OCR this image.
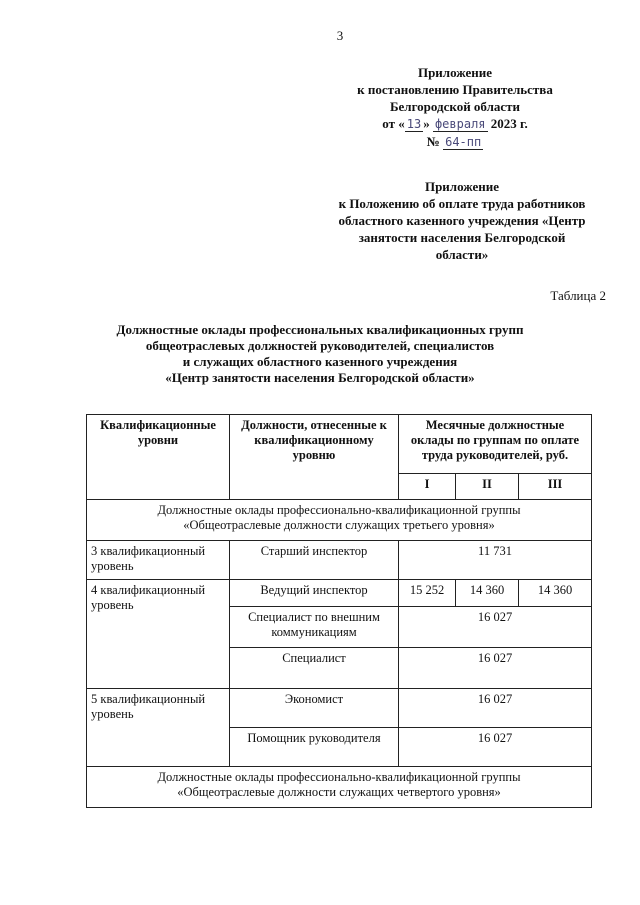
3
Приложение
к постановлению Правительства
Белгородской области
от « 13 » февраля 2023 г.
№ 64-пп
Приложение
к Положению об оплате труда работников
областного казенного учреждения «Центр
занятости населения Белгородской
области»
Таблица 2
Должностные оклады профессиональных квалификационных групп
общеотраслевых должностей руководителей, специалистов
и служащих областного казенного учреждения
«Центр занятости населения Белгородской области»
Квалификационные уровни	Должности, отнесенные к квалификационному уровню	Месячные должностные оклады по группам по оплате труда руководителей, руб.		
		I	II	III

Должностные оклады профессионально-квалификационной группы
«Общеотраслевые должности служащих третьего уровня»				

3 квалификационный уровень	Старший инспектор	11 731		
4 квалификационный уровень	Ведущий инспектор	15 252	14 360	14 360
	Специалист по внешним коммуникациям	16 027		
	Специалист	16 027		
5 квалификационный уровень	Экономист	16 027		
	Помощник руководителя	16 027		

Должностные оклады профессионально-квалификационной группы
«Общеотраслевые должности служащих четвертого уровня»				
